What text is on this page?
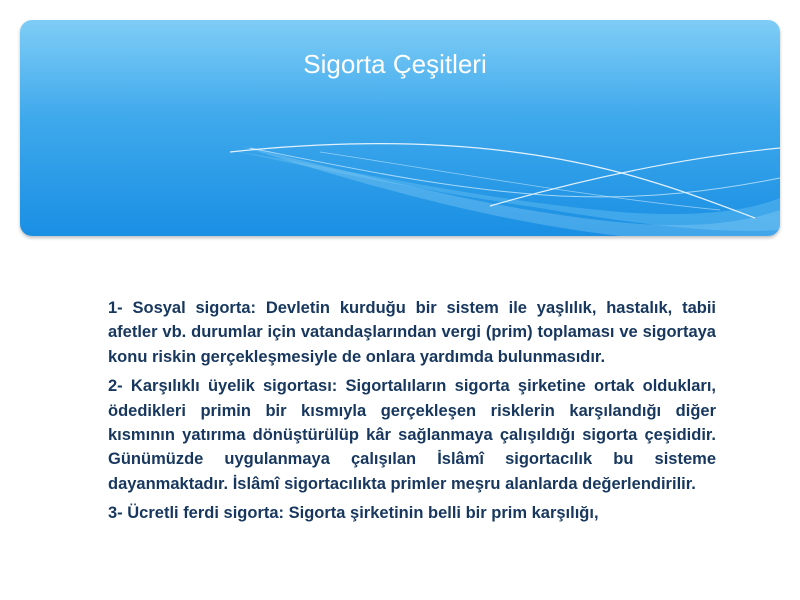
Sigorta Çeşitleri

1- Sosyal sigorta: Devletin kurduğu bir sistem ile yaşlılık, hastalık, tabii afetler vb. durumlar için vatandaşlarından vergi (prim) toplaması ve sigortaya konu riskin gerçekleşmesiyle de onlara yardımda bulunmasıdır.

2- Karşılıklı üyelik sigortası: Sigortalıların sigorta şirketine ortak oldukları, ödedikleri primin bir kısmıyla gerçekleşen risklerin karşılandığı diğer kısmının yatırıma dönüştürülüp kâr sağlanmaya çalışıldığı sigorta çeşididir. Günümüzde uygulanmaya çalışılan İslâmî sigortacılık bu sisteme dayanmaktadır. İslâmî sigortacılıkta primler meşru alanlarda değerlendirilir.

3- Ücretli ferdi sigorta: Sigorta şirketinin belli bir prim karşılığı,
